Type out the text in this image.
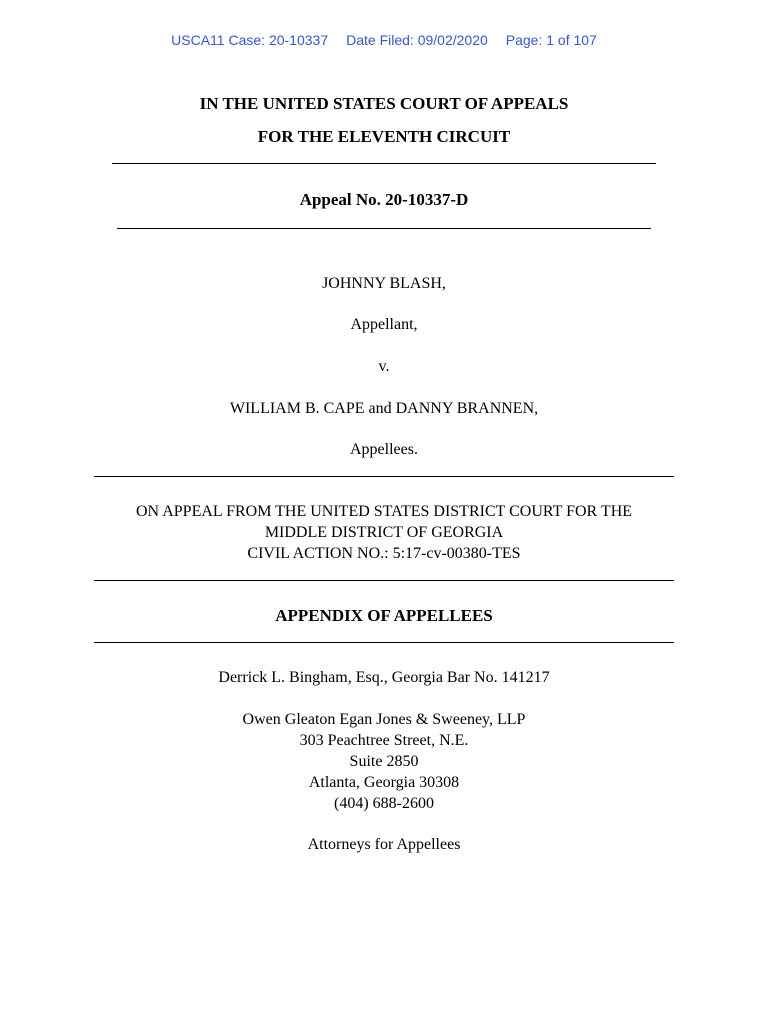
USCA11 Case: 20-10337 Date Filed: 09/02/2020 Page: 1 of 107
IN THE UNITED STATES COURT OF APPEALS
FOR THE ELEVENTH CIRCUIT
Appeal No. 20-10337-D
JOHNNY BLASH,
Appellant,
v.
WILLIAM B. CAPE and DANNY BRANNEN,
Appellees.
ON APPEAL FROM THE UNITED STATES DISTRICT COURT FOR THE
MIDDLE DISTRICT OF GEORGIA
CIVIL ACTION NO.: 5:17-cv-00380-TES
APPENDIX OF APPELLEES
Derrick L. Bingham, Esq., Georgia Bar No. 141217
Owen Gleaton Egan Jones & Sweeney, LLP
303 Peachtree Street, N.E.
Suite 2850
Atlanta, Georgia 30308
(404) 688-2600
Attorneys for Appellees
